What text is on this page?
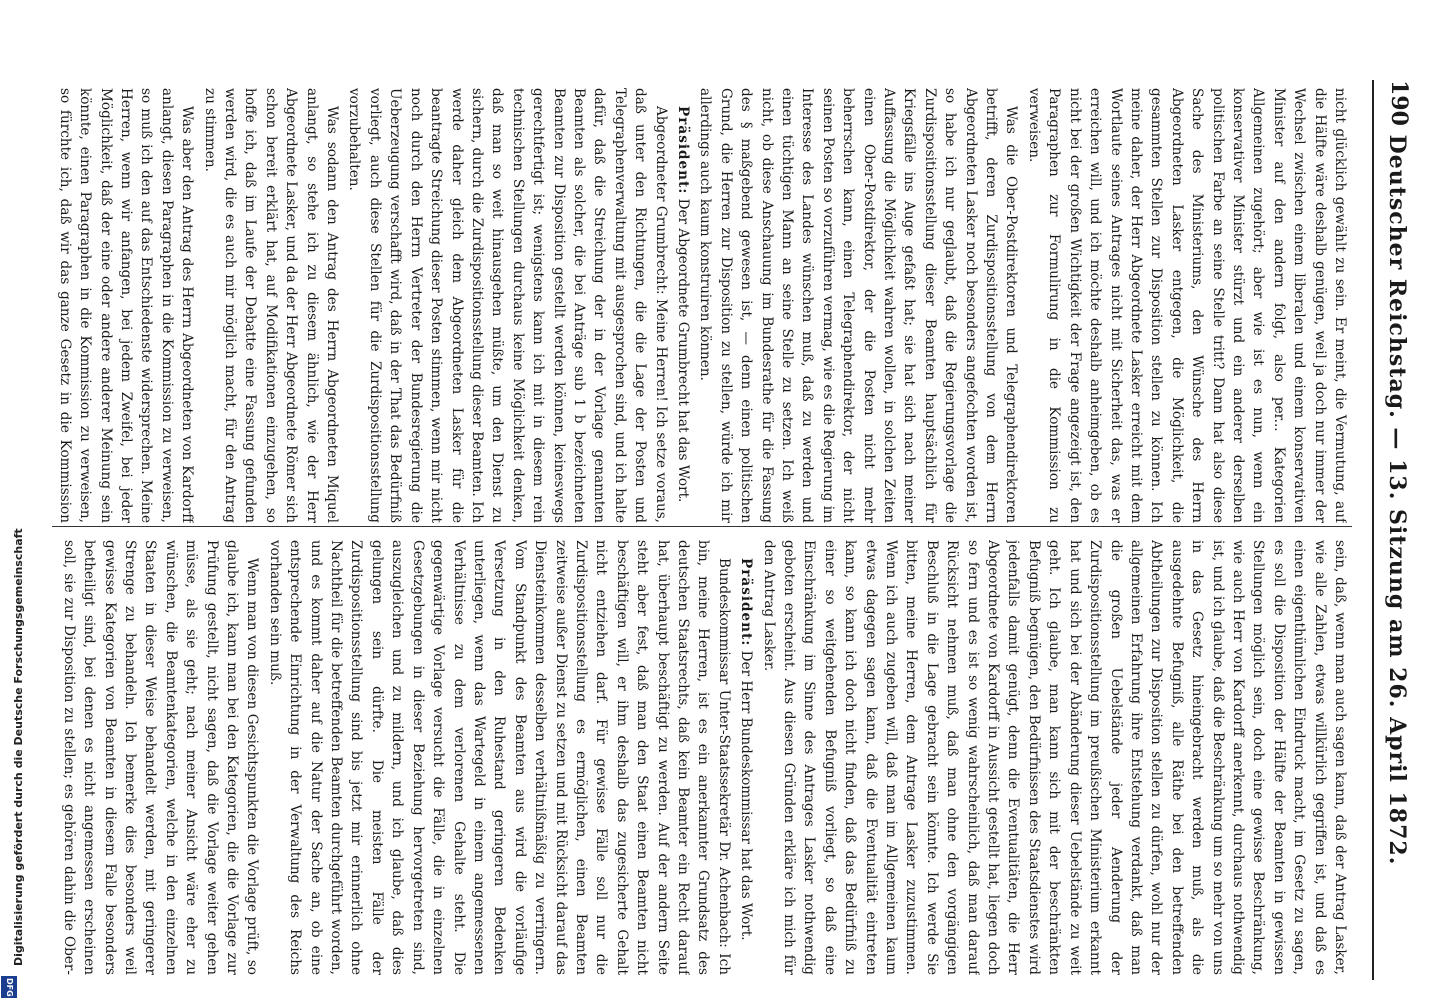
190
Deutscher Reichstag. — 13. Sitzung am 26. April 1872.

nicht glücklich gewählt zu sein. Er meint, die Vermutung, auf die Hälfte wäre deshalb genügen, weil ja doch nur immer der Wechsel zwischen einem liberalen und einem konservativen Minister auf den andern folgt, also per... Kategorien Allgemeinen zugehört; aber wie ist es nun, wenn ein konservativer Minister stürzt und ein anderer derselben politischen Farbe an seine Stelle tritt? Dann hat also diese Sache des Ministeriums, den Wünsche des Herrn Abgeordneten Lasker entgegen, die Möglichkeit, die gesammten Stellen zur Disposition stellen zu können. Ich meine daher, der Herr Abgeordnete Lasker erreicht mit dem Wortlaute seines Antrages nicht mit Sicherheit das, was er erreichen will, und ich möchte deshalb anheimgeben, ob es nicht bei der großen Wichtigkeit der Frage angezeigt ist, den Paragraphen zur Formulirung in die Kommission zu verweisen.

Was die Ober-Postdirektoren und Telegraphendirektoren betrifft, deren Zurdispositionsstellung von dem Herrn Abgeordneten Lasker noch besonders angefochten worden ist, so habe ich nur geglaubt, daß die Regierungsvorlage die Zurdispositionsstellung dieser Beamten hauptsächlich für Kriegsfälle ins Auge gefaßt hat; sie hat sich nach meiner Auffassung die Möglichkeit wahren wollen, in solchen Zeiten einen Ober-Postdirektor, der die Posten nicht mehr beherrschen kann, einen Telegraphendirektor, der nicht seinen Posten so vorzuführen vermag, wie es die Regierung im Interesse des Landes wünschen muß, daß zu werden und einen tüchtigen Mann an seine Stelle zu setzen. Ich weiß nicht, ob diese Anschauung im Bundesrathe für die Fassung des § maßgebend gewesen ist, — denn einen politischen Grund, die Herren zur Disposition zu stellen, würde ich mir allerdings auch kaum konstruiren können.

Präsident: Der Abgeordnete Grumbrecht hat das Wort.

Abgeordneter Grumbrecht: Meine Herren! Ich setze voraus, daß unter den Richtungen, die die Lage der Posten und Telegraphenverwaltung mit ausgesprochen sind, und ich halte dafür, daß die Streichung der in der Vorlage genannten Beamten als solcher, die bei Anträge sub 1 b bezeichneten Beamten zur Disposition gestellt werden können, keineswegs gerechtfertigt ist; wenigstens kann ich mit in diesem rein technischen Stellungen durchaus keine Möglichkeit denken, daß man so weit hinausgehen müßte, um den Dienst zu sichern, durch die Zurdispositionsstellung dieser Beamten. Ich werde daher gleich dem Abgeordneten Lasker für die beantragte Streichung dieser Posten stimmen, wenn mir nicht noch durch den Herrn Vertreter der Bundesregierung die Ueberzeugung verschafft wird, daß in der That das Bedürfniß vorliegt, auch diese Stellen für die Zurdispositionsstellung vorzubehalten.

Was sodann den Antrag des Herrn Abgeordneten Miquel anlangt, so stehe ich zu diesem ähnlich, wie der Herr Abgeordnete Lasker, und da der Herr Abgeordnete Römer sich schon bereit erklärt hat, auf Modifikationen einzugehen, so hoffe ich, daß im Laufe der Debatte eine Fassung gefunden werden wird, die es auch mir möglich macht, für den Antrag zu stimmen.

Was aber den Antrag des Herrn Abgeordneten von Kardorff anlangt, diesen Paragraphen in die Kommission zu verweisen, so muß ich den auf das Entschiedenste widersprechen. Meine Herren, wenn wir anfangen, bei jedem Zweifel, bei jeder Möglichkeit, daß der eine oder andere anderer Meinung sein könnte, einen Paragraphen in die Kommission zu verweisen, so fürchte ich, daß wir das ganze Gesetz in die Kommission

sein, daß, wenn man auch sagen kann, daß der Antrag Lasker, wie alle Zahlen, etwas willkürlich gegriffen ist, und daß es einen eigenthümlichen Eindruck macht, im Gesetz zu sagen, es soll die Disposition der Hälfte der Beamten in gewissen Stellungen möglich sein, doch eine gewisse Beschränkung, wie auch Herr von Kardorff anerkennt, durchaus nothwendig ist, und ich glaube, daß die Beschränkung um so mehr von uns in das Gesetz hineingebracht werden muß, als die ausgedehnte Befugniß, alle Räthe bei den betreffenden Abtheilungen zur Disposition stellen zu dürfen, wohl nur der allgemeinen Erfahrung ihre Entstehung verdankt, daß man die großen Uebelstände jeder Aenderung der Zurdispositionsstellung im preußischen Ministerium erkannt hat und sich bei der Abänderung dieser Uebelstände zu weit geht. Ich glaube, man kann sich mit der beschränkten Befugniß begnügen, den Bedürfnissen des Staatsdienstes wird jedenfalls damit genügt, denn die Eventualitäten, die Herr Abgeordnete von Kardorff in Aussicht gestellt hat, liegen doch so fern und es ist so wenig wahrscheinlich, daß man darauf Rücksicht nehmen muß, daß man ohne den vorgängigen Beschluß in die Lage gebracht sein könnte. Ich werde Sie bitten, meine Herren, dem Antrage Lasker zuzustimmen. Wenn ich auch zugeben will, daß man im Allgemeinen kaum etwas dagegen sagen kann, daß die Eventualität eintreten kann, so kann ich doch nicht finden, daß das Bedürfniß zu einer so weitgehenden Befugniß vorliegt, so daß eine Einschränkung im Sinne des Antrages Lasker nothwendig geboten erscheint. Aus diesen Gründen erkläre ich mich für den Antrag Lasker.

Präsident: Der Herr Bundeskommissar hat das Wort.

Bundeskommissar Unter-Staatssekretär Dr. Achenbach: Ich bin, meine Herren, ist es ein anerkannter Grundsatz des deutschen Staatsrechts, daß kein Beamter ein Recht darauf hat, überhaupt beschäftigt zu werden. Auf der andern Seite steht aber fest, daß man den Staat einen Beamten nicht beschäftigen will, er ihm deshalb das zugesicherte Gehalt nicht entziehen darf. Für gewisse Fälle soll nur die Zurdispositionsstellung es ermöglichen, einen Beamten zeitweise außer Dienst zu setzen und mit Rücksicht darauf das Diensteinkommen desselben verhältnißmäßig zu verringern. Vom Standpunkt des Beamten aus wird die vorläufige Versetzung in den Ruhestand geringeren Bedenken unterliegen, wenn das Wartegeld in einem angemessenen Verhältnisse zu dem verlorenen Gehalte steht. Die gegenwärtige Vorlage versucht die Fälle, die in einzelnen Gesetzgebungen in dieser Beziehung hervorgetreten sind, auszugleichen und zu mildern, und ich glaube, daß dies gelungen sein dürfte. Die meisten Fälle der Zurdispositionsstellung sind bis jetzt mir erinnerlich ohne Nachtheil für die betreffenden Beamten durchgeführt worden, und es kommt daher auf die Natur der Sache an, ob eine entsprechende Einrichtung in der Verwaltung des Reichs vorhanden sein muß.

Wenn man von diesen Gesichtspunkten die Vorlage prüft, so glaube ich, kann man bei den Kategorien, die die Vorlage zur Prüfung gestellt, nicht sagen, daß die Vorlage weiter gehen müsse, als sie geht; nach meiner Ansicht wäre eher zu wünschen, die Beamtenkategorien, welche in den einzelnen Staaten in dieser Weise behandelt werden, mit geringerer Strenge zu behandeln. Ich bemerke dies besonders weil gewisse Kategorien von Beamten in diesem Falle besonders betheiligt sind, bei denen es nicht angemessen erscheinen soll, sie zur Disposition zu stellen; es gehören dahin die Ober-

Digitalisierung gefördert durch die Deutsche Forschungsgemeinschaft
DFG
